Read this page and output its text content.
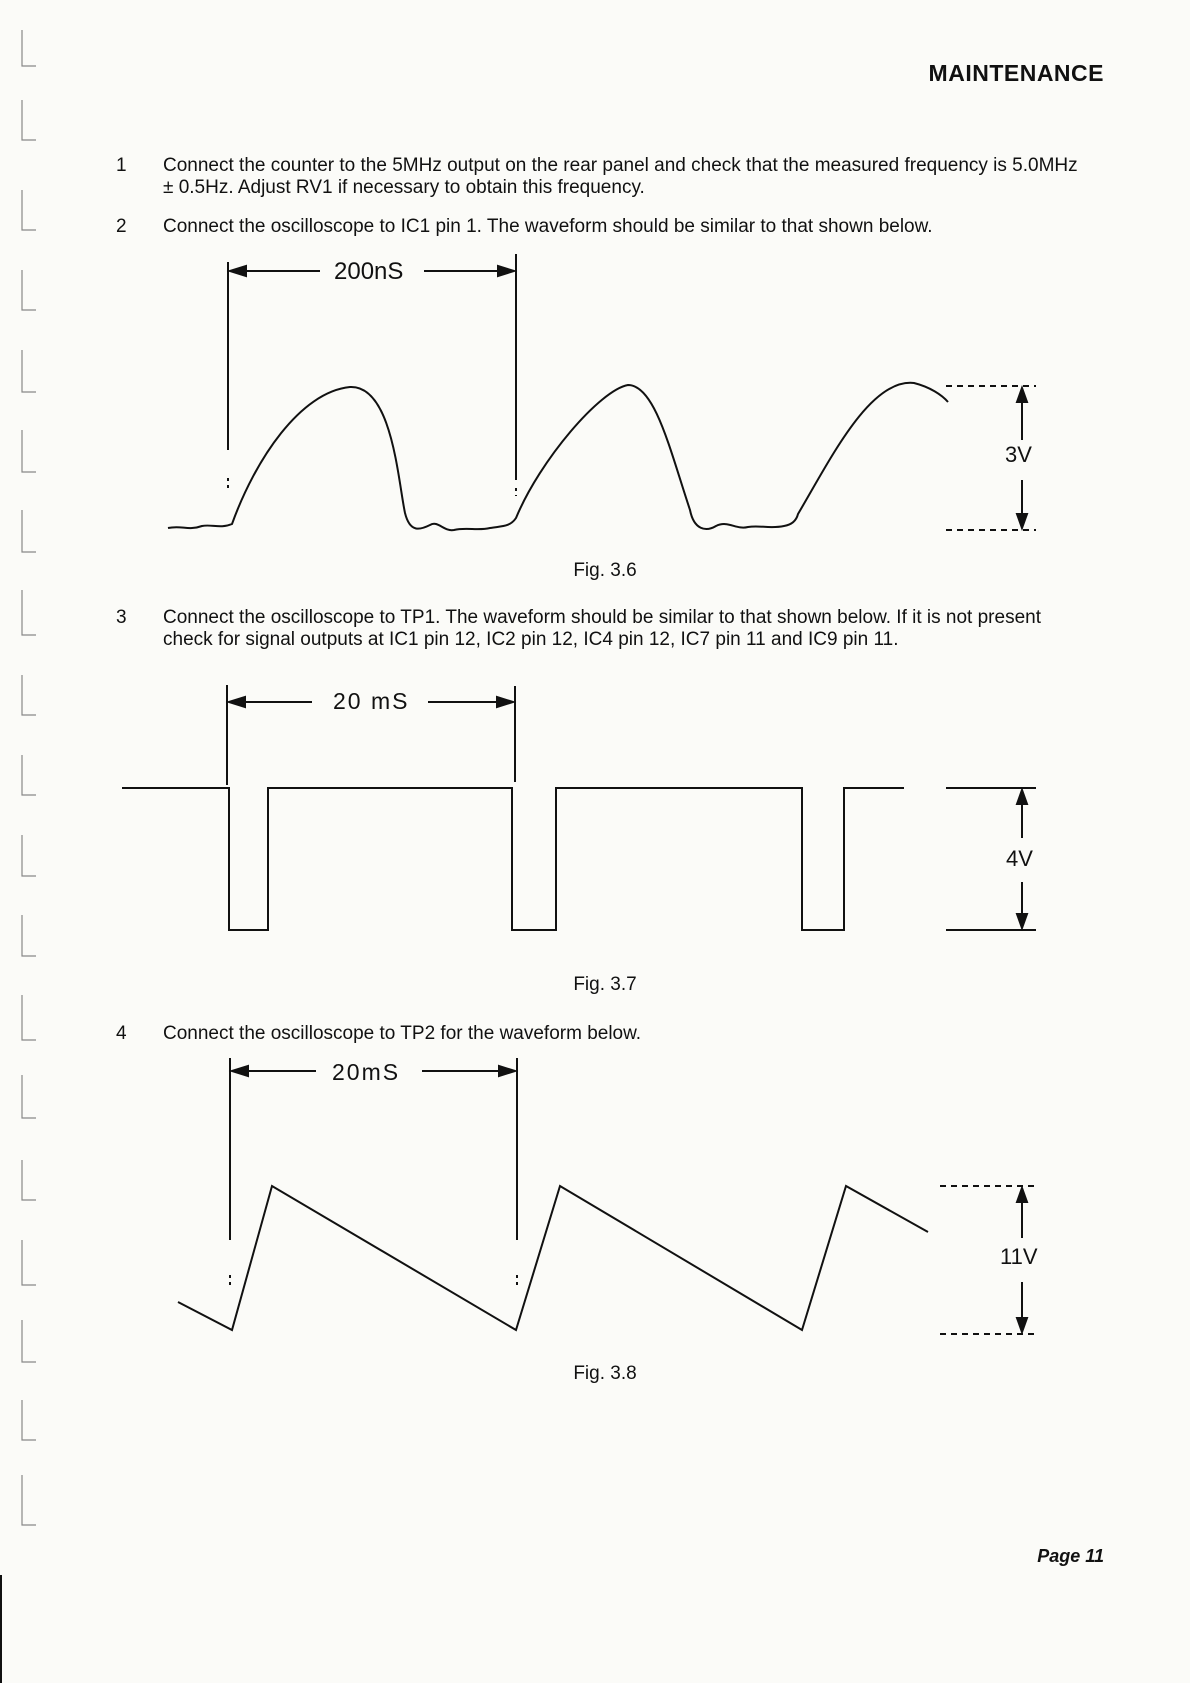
MAINTENANCE
1 Connect the counter to the 5MHz output on the rear panel and check that the measured frequency is 5.0MHz ± 0.5Hz. Adjust RV1 if necessary to obtain this frequency.
2 Connect the oscilloscope to IC1 pin 1. The waveform should be similar to that shown below.
200nS
3V
Fig. 3.6
3 Connect the oscilloscope to TP1. The waveform should be similar to that shown below. If it is not present check for signal outputs at IC1 pin 12, IC2 pin 12, IC4 pin 12, IC7 pin 11 and IC9 pin 11.
20 mS
4V
Fig. 3.7
4 Connect the oscilloscope to TP2 for the waveform below.
20mS
11V
Fig. 3.8
Page 11
